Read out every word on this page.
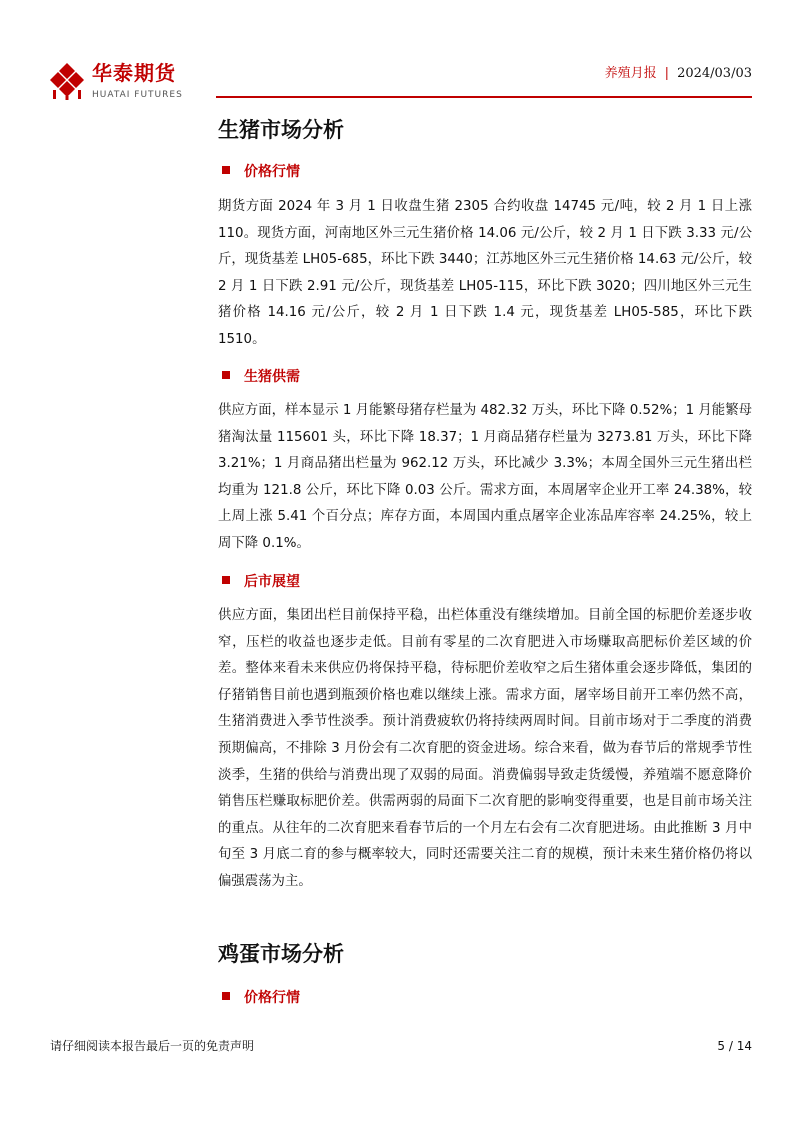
华泰期货
HUATAI FUTURES
养殖月报 | 2024/03/03
生猪市场分析
价格行情

期货方面 2024 年 3 月 1 日收盘生猪 2305 合约收盘 14745 元/吨，较 2 月 1 日上涨 110。现货方面，河南地区外三元生猪价格 14.06 元/公斤，较 2 月 1 日下跌 3.33 元/公斤，现货基差 LH05-685，环比下跌 3440；江苏地区外三元生猪价格 14.63 元/公斤，较 2 月 1 日下跌 2.91 元/公斤，现货基差 LH05-115，环比下跌 3020；四川地区外三元生猪价格 14.16 元/公斤，较 2 月 1 日下跌 1.4 元，现货基差 LH05-585，环比下跌 1510。

生猪供需

供应方面，样本显示 1 月能繁母猪存栏量为 482.32 万头，环比下降 0.52%；1 月能繁母猪淘汰量 115601 头，环比下降 18.37；1 月商品猪存栏量为 3273.81 万头，环比下降 3.21%；1 月商品猪出栏量为 962.12 万头，环比减少 3.3%；本周全国外三元生猪出栏均重为 121.8 公斤，环比下降 0.03 公斤。需求方面，本周屠宰企业开工率 24.38%，较上周上涨 5.41 个百分点；库存方面，本周国内重点屠宰企业冻品库容率 24.25%，较上周下降 0.1%。

后市展望

供应方面，集团出栏目前保持平稳，出栏体重没有继续增加。目前全国的标肥价差逐步收窄，压栏的收益也逐步走低。目前有零星的二次育肥进入市场赚取高肥标价差区域的价差。整体来看未来供应仍将保持平稳，待标肥价差收窄之后生猪体重会逐步降低，集团的仔猪销售目前也遇到瓶颈价格也难以继续上涨。需求方面，屠宰场目前开工率仍然不高，生猪消费进入季节性淡季。预计消费疲软仍将持续两周时间。目前市场对于二季度的消费预期偏高，不排除 3 月份会有二次育肥的资金进场。综合来看，做为春节后的常规季节性淡季，生猪的供给与消费出现了双弱的局面。消费偏弱导致走货缓慢，养殖端不愿意降价销售压栏赚取标肥价差。供需两弱的局面下二次育肥的影响变得重要，也是目前市场关注的重点。从往年的二次育肥来看春节后的一个月左右会有二次育肥进场。由此推断 3 月中旬至 3 月底二育的参与概率较大，同时还需要关注二育的规模，预计未来生猪价格仍将以偏强震荡为主。

鸡蛋市场分析
价格行情
请仔细阅读本报告最后一页的免责声明	5 / 14
